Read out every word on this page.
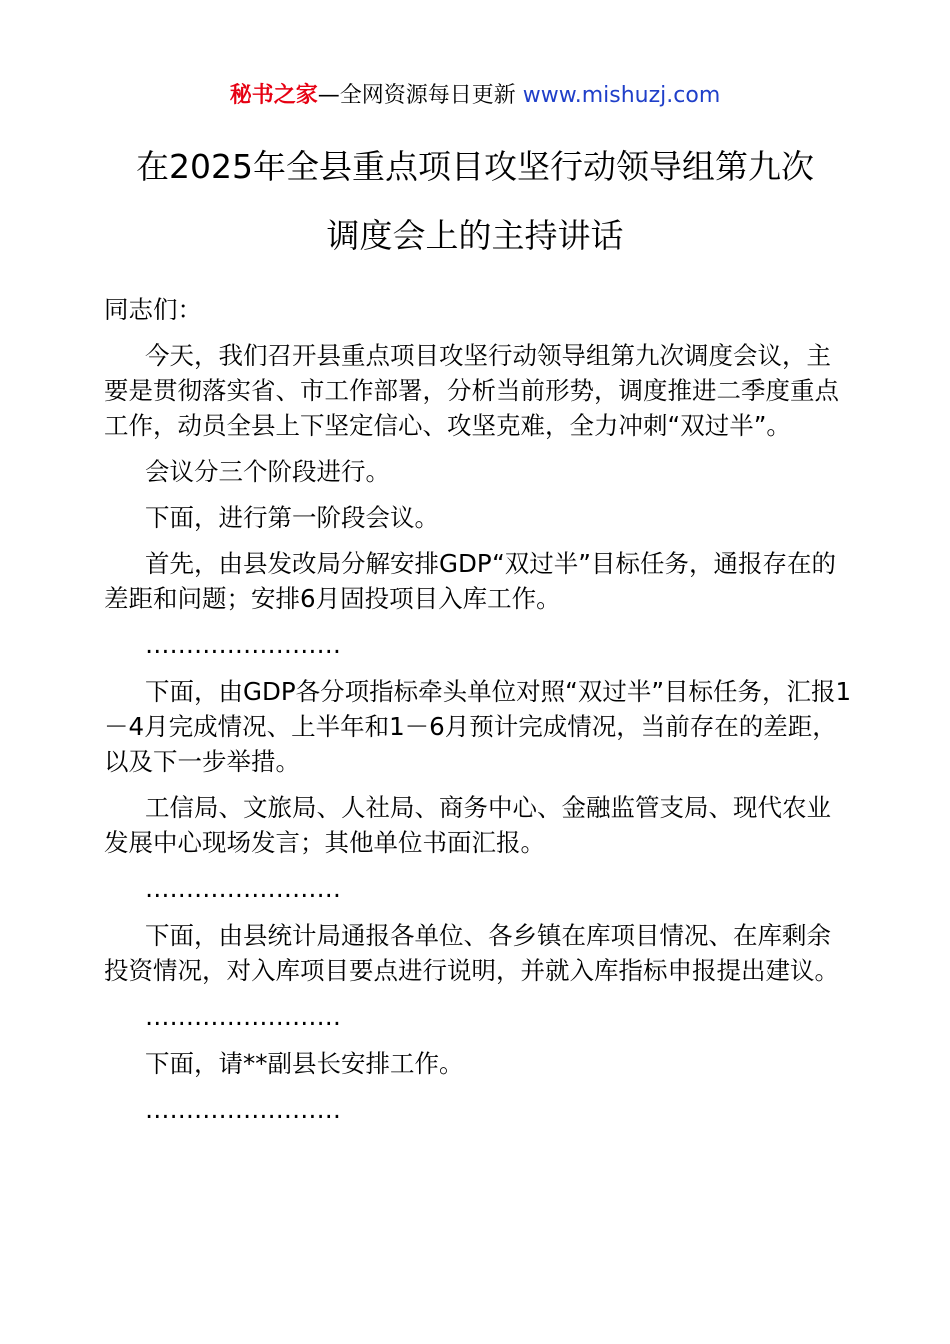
秘书之家—全网资源每日更新 www.mishuzj.com
在2025年全县重点项目攻坚行动领导组第九次
调度会上的主持讲话

同志们：

今天，我们召开县重点项目攻坚行动领导组第九次调度会议，主要是贯彻落实省、市工作部署，分析当前形势，调度推进二季度重点工作，动员全县上下坚定信心、攻坚克难，全力冲刺“双过半”。

会议分三个阶段进行。

下面，进行第一阶段会议。

首先，由县发改局分解安排GDP“双过半”目标任务，通报存在的差距和问题；安排6月固投项目入库工作。

……………………

下面，由GDP各分项指标牵头单位对照“双过半”目标任务，汇报1－4月完成情况、上半年和1－6月预计完成情况，当前存在的差距，以及下一步举措。

工信局、文旅局、人社局、商务中心、金融监管支局、现代农业发展中心现场发言；其他单位书面汇报。

……………………

下面，由县统计局通报各单位、各乡镇在库项目情况、在库剩余投资情况，对入库项目要点进行说明，并就入库指标申报提出建议。

……………………

下面，请**副县长安排工作。

……………………
